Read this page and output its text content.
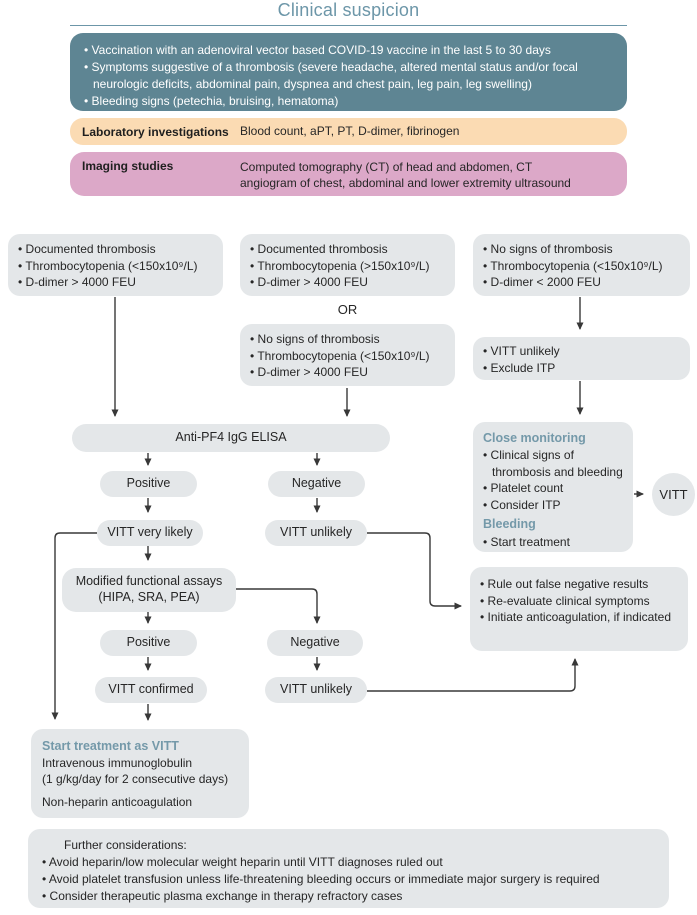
Clinical suspicion
• Vaccination with an adenoviral vector based COVID-19 vaccine in the last 5 to 30 days
• Symptoms suggestive of a thrombosis (severe headache, altered mental status and/or focal neurologic deficits, abdominal pain, dyspnea and chest pain, leg pain, leg swelling)
• Bleeding signs (petechia, bruising, hematoma)
Laboratory investigations Blood count, aPT, PT, D-dimer, fibrinogen
Imaging studies	Computed tomography (CT) of head and abdomen, CT
angiogram of chest, abdominal and lower extremity ultrasound
• Documented thrombosis
• Thrombocytopenia (<150x10⁹/L)
• D-dimer > 4000 FEU
• Documented thrombosis
• Thrombocytopenia (>150x10⁹/L)
• D-dimer > 4000 FEU
• No signs of thrombosis
• Thrombocytopenia (<150x10⁹/L)
• D-dimer < 2000 FEU
OR
• No signs of thrombosis
• Thrombocytopenia (<150x10⁹/L)
• D-dimer > 4000 FEU
• VITT unlikely
• Exclude ITP
Anti-PF4 IgG ELISA
Positive	Negative
VITT very likely	VITT unlikely
Modified functional assays
(HIPA, SRA, PEA)
Positive	Negative
VITT confirmed	VITT unlikely
Close monitoring
• Clinical signs of thrombosis and bleeding
• Platelet count
• Consider ITP
Bleeding
• Start treatment
VITT
• Rule out false negative results
• Re-evaluate clinical symptoms
• Initiate anticoagulation, if indicated
Start treatment as VITT
Intravenous immunoglobulin
(1 g/kg/day for 2 consecutive days)
Non-heparin anticoagulation
Further considerations:
• Avoid heparin/low molecular weight heparin until VITT diagnoses ruled out
• Avoid platelet transfusion unless life-threatening bleeding occurs or immediate major surgery is required
• Consider therapeutic plasma exchange in therapy refractory cases
